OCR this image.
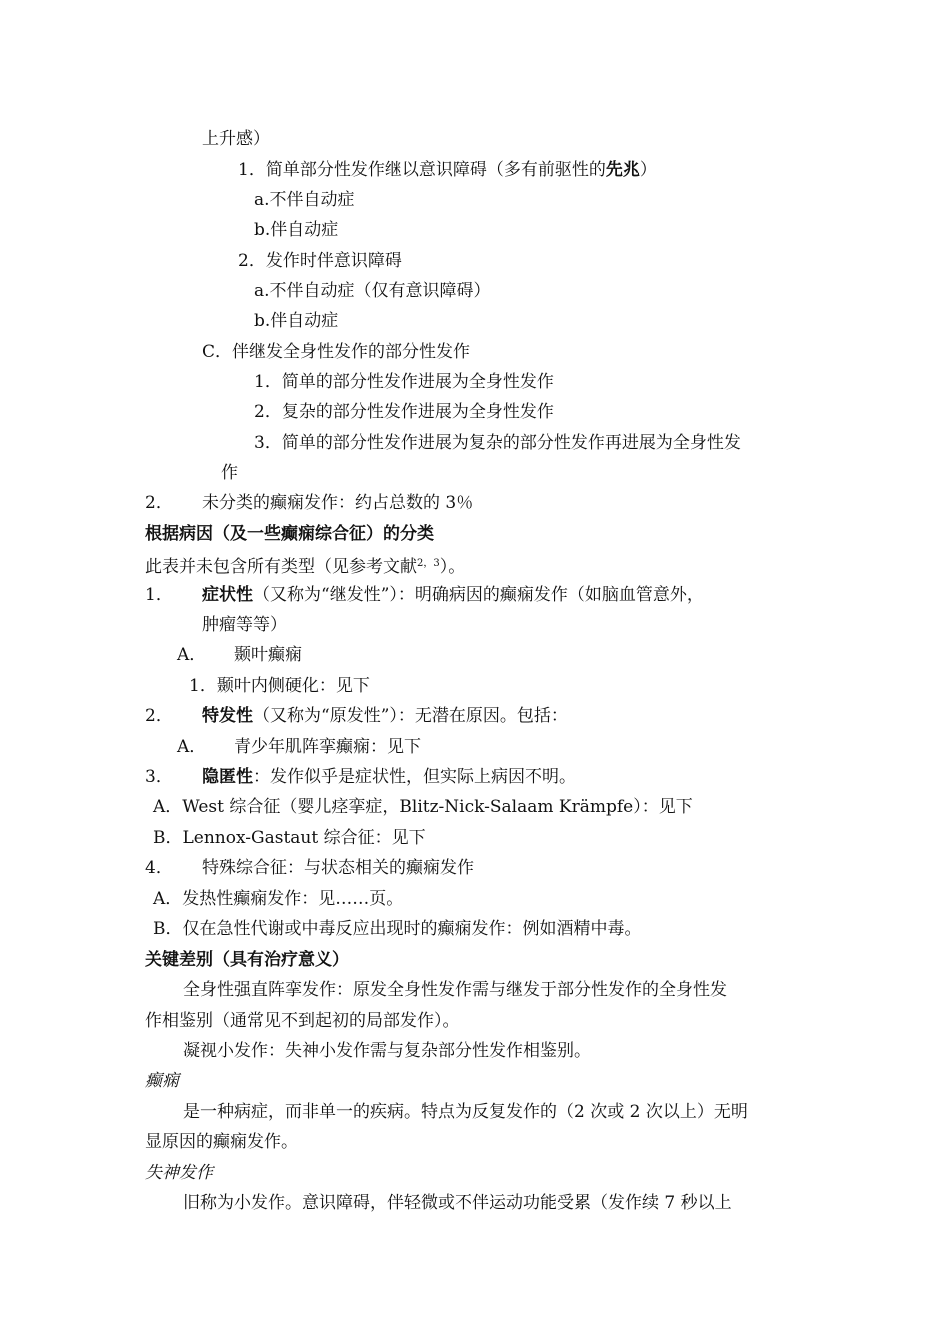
上升感）
1．简单部分性发作继以意识障碍（多有前驱性的先兆）
a.不伴自动症
b.伴自动症
2．发作时伴意识障碍
a.不伴自动症（仅有意识障碍）
b.伴自动症
C．伴继发全身性发作的部分性发作
1．简单的部分性发作进展为全身性发作
2．复杂的部分性发作进展为全身性发作
3．简单的部分性发作进展为复杂的部分性发作再进展为全身性发
作
2． 未分类的癫痫发作：约占总数的 3％
根据病因（及一些癫痫综合征）的分类
此表并未包含所有类型（见参考文献$^{2,3}$）。
1． 症状性（又称为“继发性”）：明确病因的癫痫发作（如脑血管意外，
肿瘤等等）
A． 颞叶癫痫
1．颞叶内侧硬化：见下
2． 特发性（又称为“原发性”）：无潜在原因。包括：
A． 青少年肌阵挛癫痫：见下
3． 隐匿性：发作似乎是症状性，但实际上病因不明。
A．West 综合征（婴儿痉挛症，Blitz-Nick-Salaam Krämpfe）：见下
B．Lennox-Gastaut 综合征：见下
4． 特殊综合征：与状态相关的癫痫发作
A．发热性癫痫发作：见……页。
B．仅在急性代谢或中毒反应出现时的癫痫发作：例如酒精中毒。
关键差别（具有治疗意义）
全身性强直阵挛发作：原发全身性发作需与继发于部分性发作的全身性发
作相鉴别（通常见不到起初的局部发作）。
凝视小发作：失神小发作需与复杂部分性发作相鉴别。
癫痫
是一种病症，而非单一的疾病。特点为反复发作的（2 次或 2 次以上）无明
显原因的癫痫发作。
失神发作
旧称为小发作。意识障碍，伴轻微或不伴运动功能受累（发作续 7 秒以上
